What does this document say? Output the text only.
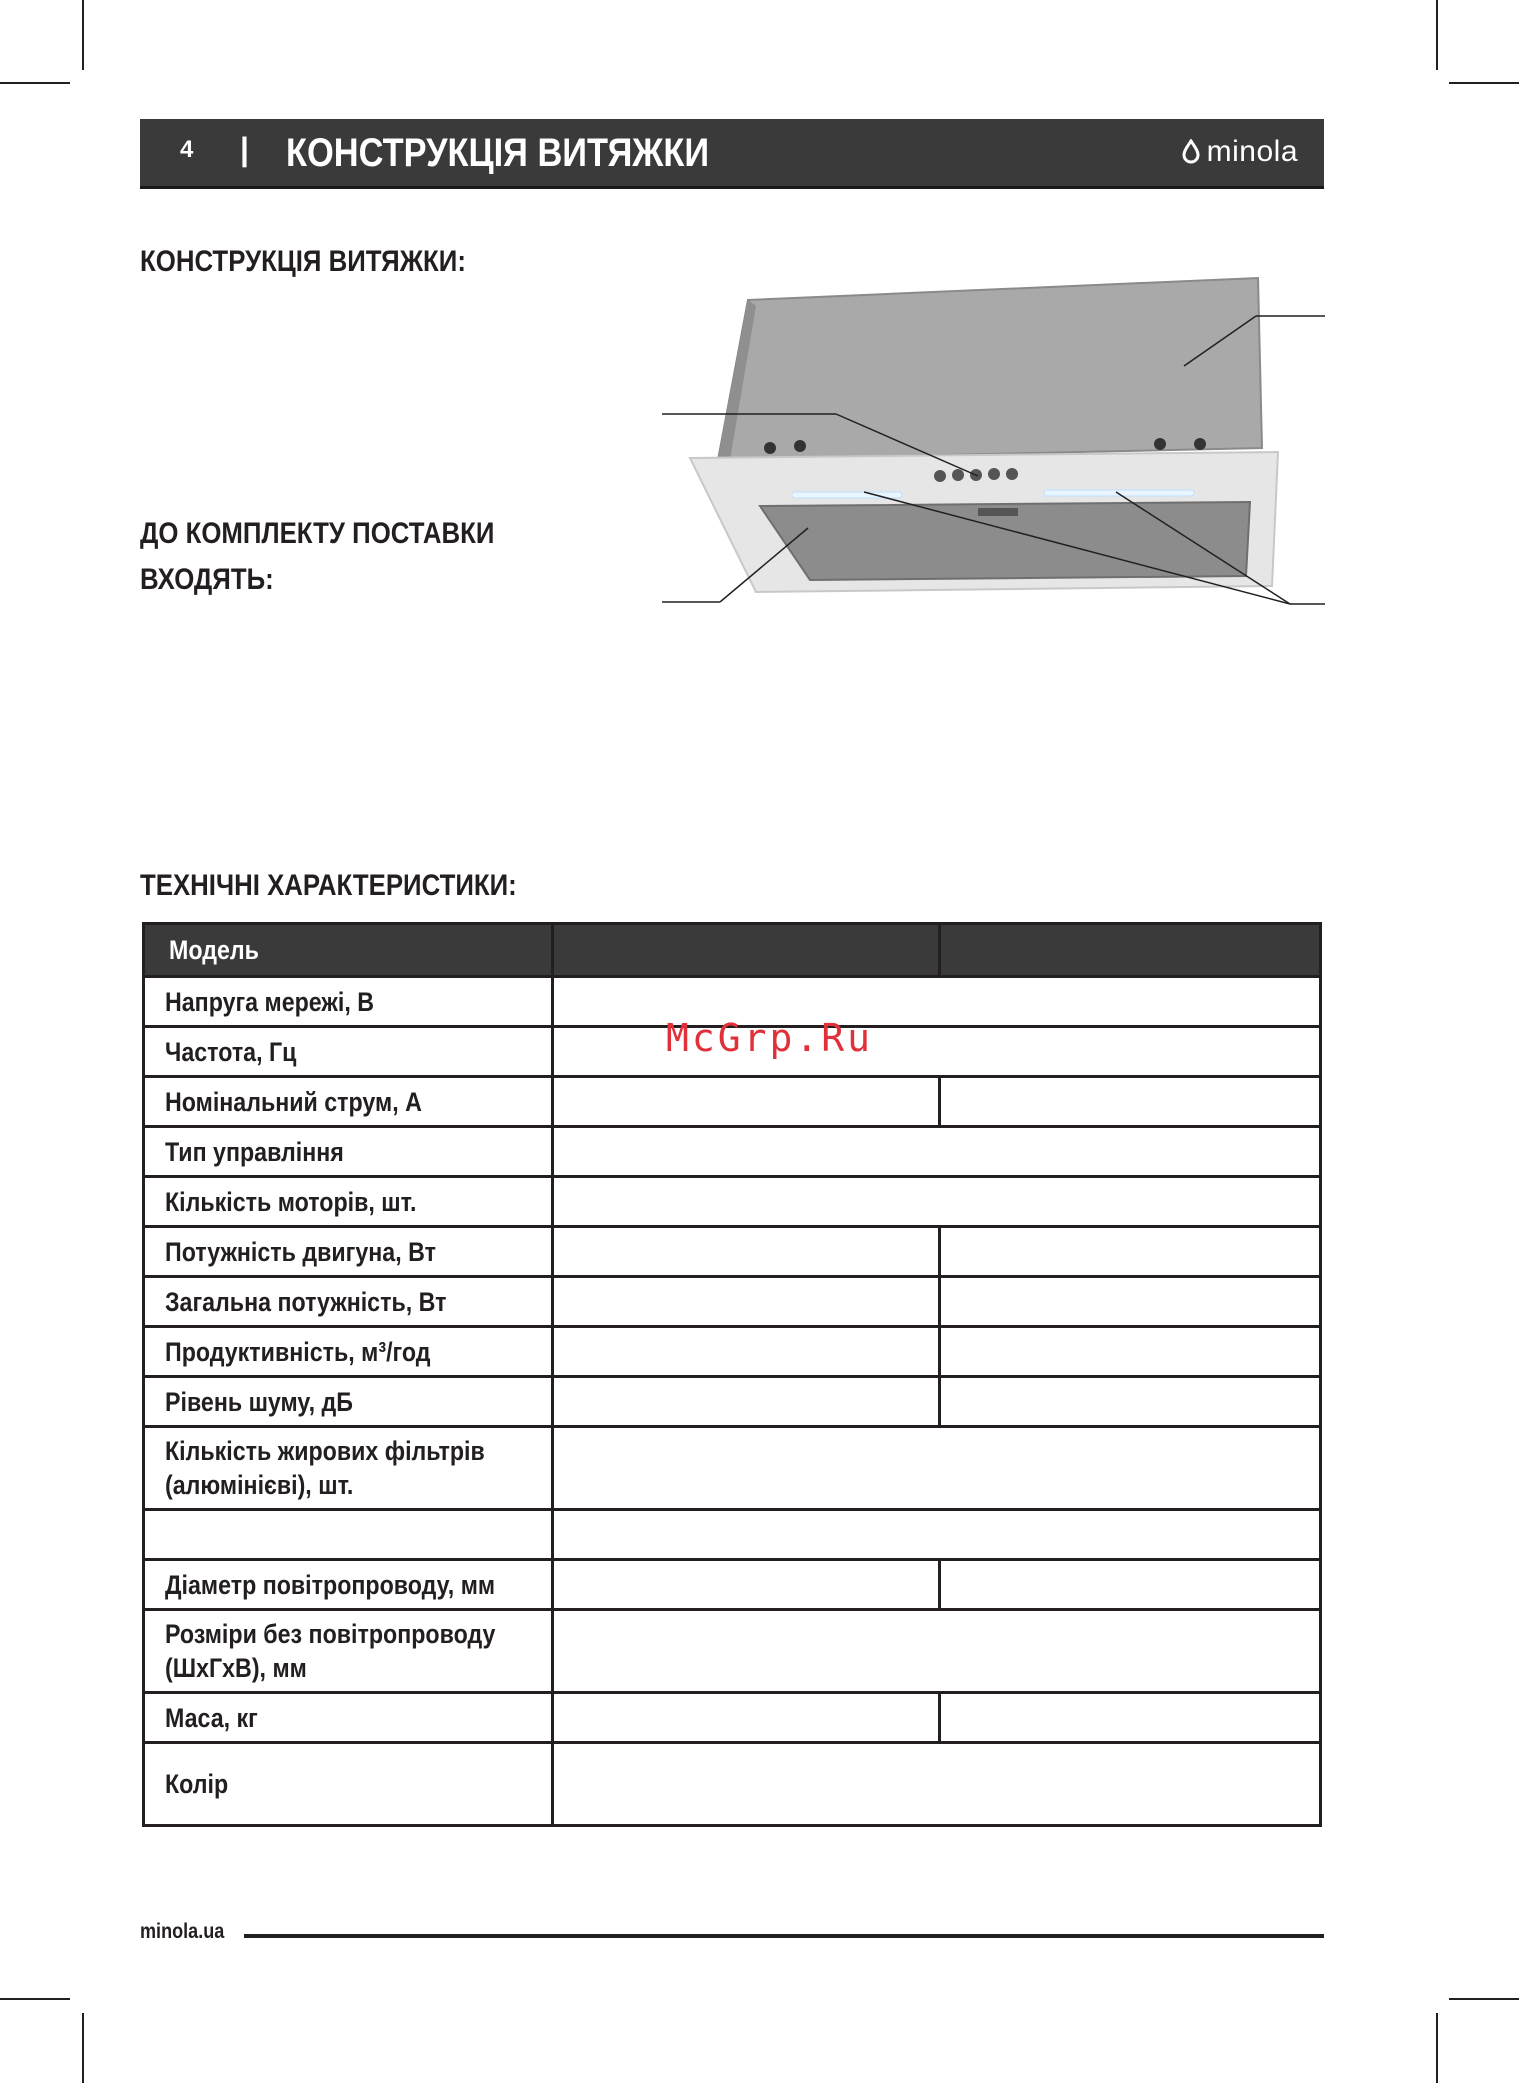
4 | КОНСТРУКЦІЯ ВИТЯЖКИ	minola
КОНСТРУКЦІЯ ВИТЯЖКИ:
ДО КОМПЛЕКТУ ПОСТАВКИ
ВХОДЯТЬ:
ТЕХНІЧНІ ХАРАКТЕРИСТИКИ:
Модель		
Напруга мережі, В		
Частота, Гц		
Номінальний струм, А		
Тип управління		
Кількість моторів, шт.		
Потужність двигуна, Вт		
Загальна потужність, Вт		
Продуктивність, м³/год		
Рівень шуму, дБ		
Кількість жирових фільтрів
(алюмінієві), шт.		

Діаметр повітропроводу, мм		
Розміри без повітропроводу
(ШхГхВ), мм		
Маса, кг		
Колір		
McGrp.Ru
minola.ua
